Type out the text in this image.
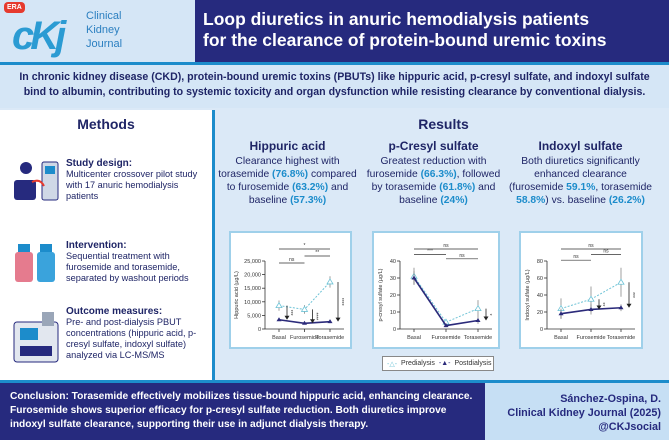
ERA
cKj Clinical
Kidney
Journal
Loop diuretics in anuric hemodialysis patients
for the clearance of protein-bound uremic toxins
In chronic kidney disease (CKD), protein-bound uremic toxins (PBUTs) like hippuric acid, p-cresyl sulfate, and indoxyl sulfate bind to albumin, contributing to systemic toxicity and organ dysfunction while resisting clearance by conventional dialysis.
Methods
Study design:
Multicenter crossover pilot study with 17 anuric hemodialysis patients
Intervention:
Sequential treatment with furosemide and torasemide, separated by washout periods
Outcome measures:
Pre- and post-dialysis PBUT concentrations (hippuric acid, p-cresyl sulfate, indoxyl sulfate) analyzed via LC-MS/MS
Results
Hippuric acid
Clearance highest with torasemide (76.8%) compared to furosemide (63.2%) and baseline (57.3%)
p-Cresyl sulfate
Greatest reduction with furosemide (66.3%), followed by torasemide (61.8%) and baseline (24%)
Indoxyl sulfate
Both diuretics significantly enhanced clearance (furosemide 59.1%, torasemide 58.8%) vs. baseline (26.2%)
0
5,000
10,000
15,000
20,000
25,000
Basal Furosemide
Torasemide
Hippuric acid (µg/L)	***	****
****
*
ns
**
0
10
20
30
40
Basal Furosemide Torasemide
p-cresyl sulfate (µg/L)	*
ns
***
ns
0
20
40
60
80
Basal Furosemide Torasemide
Indoxyl sulfate (µg/L)	**
***
ns
ns
ns
-△- Predialysis -▲- Postdialysis
Conclusion: Torasemide effectively mobilizes tissue-bound hippuric acid, enhancing clearance. Furosemide shows superior efficacy for p-cresyl sulfate reduction. Both diuretics improve indoxyl sulfate clearance, supporting their use in adjunct dialysis therapy.
Sánchez-Ospina, D.
Clinical Kidney Journal (2025)
@CKJsocial
